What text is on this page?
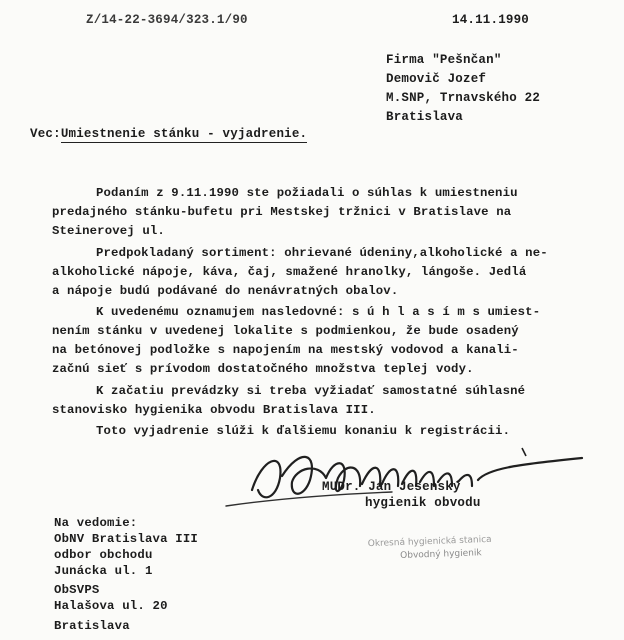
Z/14-22-3694/323.1/90	14.11.1990
Firma "Pešnčan"
Demovič Jozef
M.SNP, Trnavského 22
Bratislava
Vec:Umiestnenie stánku - vyjadrenie.
Podaním z 9.11.1990 ste požiadali o súhlas k umiestneniu
predajného stánku-bufetu pri Mestskej tržnici v Bratislave na
Steinerovej ul.
Predpokladaný sortiment: ohrievané údeniny,alkoholické a ne-
alkoholické nápoje, káva, čaj, smažené hranolky, lángoše. Jedlá
a nápoje budú podávané do nenávratných obalov.
K uvedenému oznamujem nasledovné: s ú h l a s í m s umiest-
nením stánku v uvedenej lokalite s podmienkou, že bude osadený
na betónovej podložke s napojením na mestský vodovod a kanali-
začnú sieť s prívodom dostatočného množstva teplej vody.
K začatiu prevádzky si treba vyžiadať samostatné súhlasné
stanovisko hygienika obvodu Bratislava III.
Toto vyjadrenie slúži k ďalšiemu konaniu k registrácii.
MUDr. Ján Jesenský
hygienik obvodu
Okresná hygienická stanica
Obvodný hygienik
Na vedomie:
ObNV Bratislava III
odbor obchodu
Junácka ul. 1
ObSVPS
Halašova ul. 20
Bratislava
